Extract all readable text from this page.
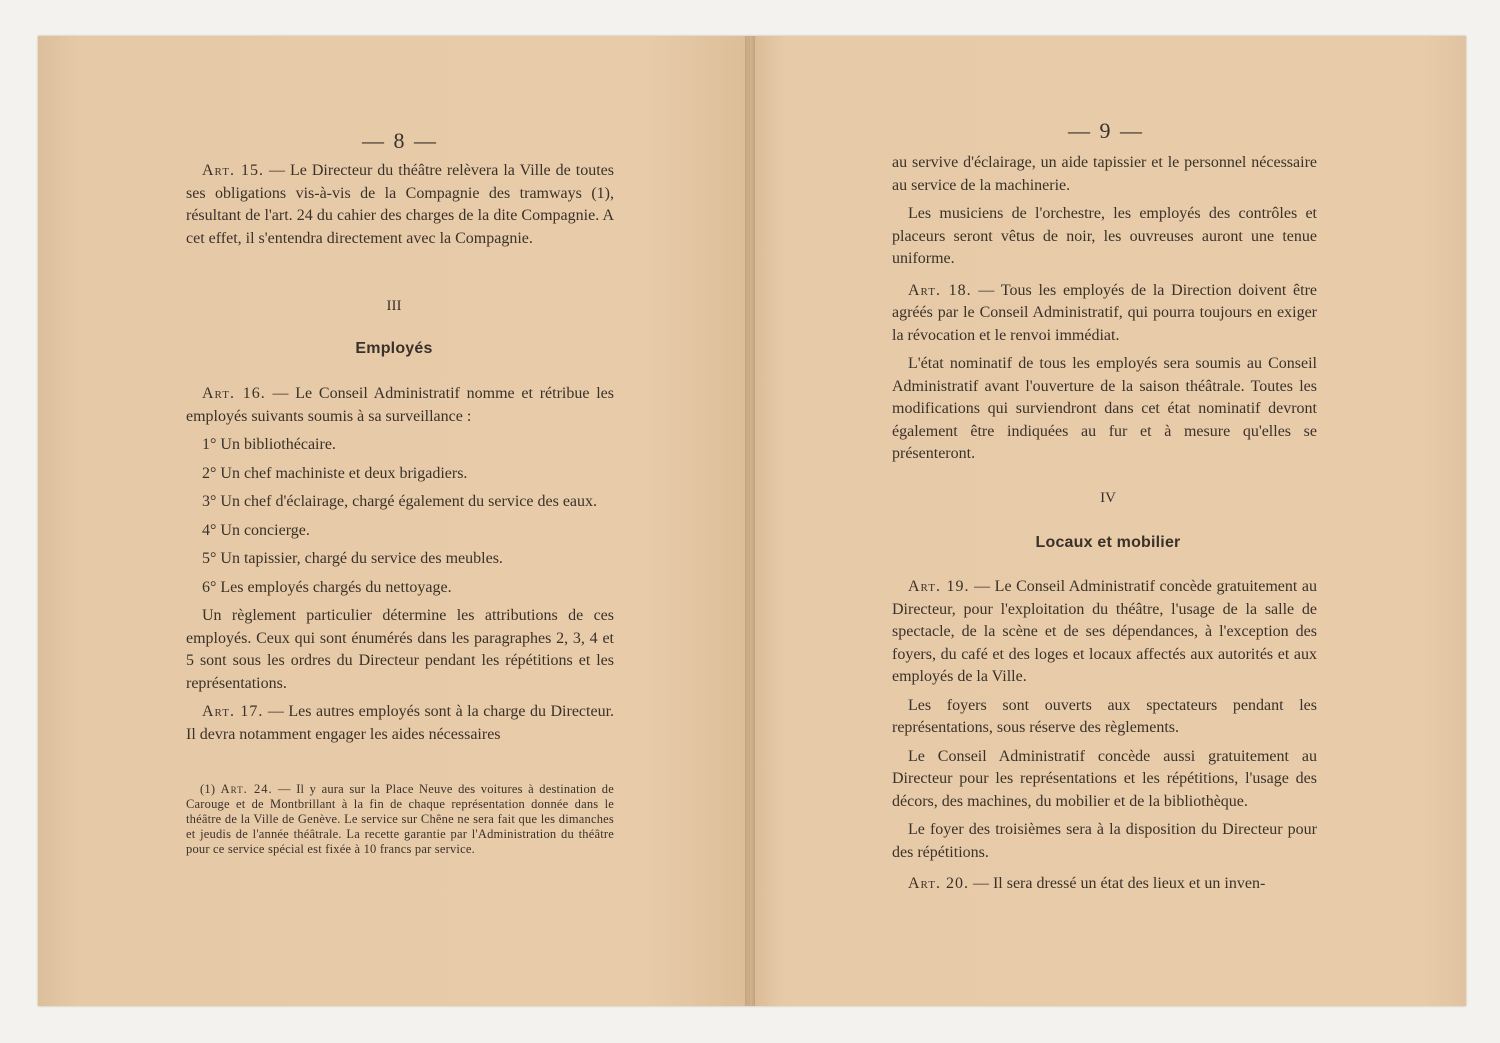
— 8 —

Art. 15. — Le Directeur du théâtre relèvera la Ville de toutes ses obligations vis-à-vis de la Compagnie des tramways (1), résultant de l'art. 24 du cahier des charges de la dite Compagnie. A cet effet, il s'entendra directement avec la Compagnie.

III
Employés

Art. 16. — Le Conseil Administratif nomme et rétribue les employés suivants soumis à sa surveillance :

1° Un bibliothécaire.

2° Un chef machiniste et deux brigadiers.

3° Un chef d'éclairage, chargé également du service des eaux.

4° Un concierge.

5° Un tapissier, chargé du service des meubles.

6° Les employés chargés du nettoyage.

Un règlement particulier détermine les attributions de ces employés. Ceux qui sont énumérés dans les paragraphes 2, 3, 4 et 5 sont sous les ordres du Directeur pendant les répétitions et les représentations.

Art. 17. — Les autres employés sont à la charge du Directeur. Il devra notamment engager les aides nécessaires

(1) Art. 24. — Il y aura sur la Place Neuve des voitures à destination de Carouge et de Montbrillant à la fin de chaque représentation donnée dans le théâtre de la Ville de Genève. Le service sur Chêne ne sera fait que les dimanches et jeudis de l'année théâtrale. La recette garantie par l'Administration du théâtre pour ce service spécial est fixée à 10 francs par service.

— 9 —

au servive d'éclairage, un aide tapissier et le personnel nécessaire au service de la machinerie.

Les musiciens de l'orchestre, les employés des contrôles et placeurs seront vêtus de noir, les ouvreuses auront une tenue uniforme.

Art. 18. — Tous les employés de la Direction doivent être agréés par le Conseil Administratif, qui pourra toujours en exiger la révocation et le renvoi immédiat.

L'état nominatif de tous les employés sera soumis au Conseil Administratif avant l'ouverture de la saison théâtrale. Toutes les modifications qui surviendront dans cet état nominatif devront également être indiquées au fur et à mesure qu'elles se présenteront.

IV
Locaux et mobilier

Art. 19. — Le Conseil Administratif concède gratuitement au Directeur, pour l'exploitation du théâtre, l'usage de la salle de spectacle, de la scène et de ses dépendances, à l'exception des foyers, du café et des loges et locaux affectés aux autorités et aux employés de la Ville.

Les foyers sont ouverts aux spectateurs pendant les représentations, sous réserve des règlements.

Le Conseil Administratif concède aussi gratuitement au Directeur pour les représentations et les répétitions, l'usage des décors, des machines, du mobilier et de la bibliothèque.

Le foyer des troisièmes sera à la disposition du Directeur pour des répétitions.

Art. 20. — Il sera dressé un état des lieux et un inven-
